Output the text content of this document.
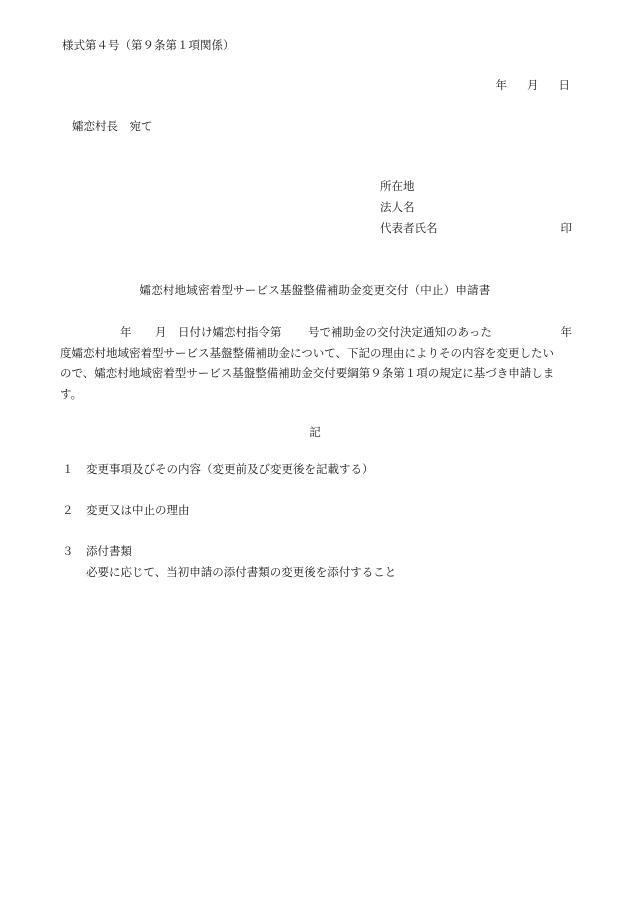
様式第４号（第９条第１項関係）
年 月 日
孀恋村長　宛て
所在地
法人名
代表者氏名	印
孀恋村地域密着型サービス基盤整備補助金変更交付（中止）申請書
年 月 日付け孀恋村指令第 号で補助金の交付決定通知のあった	年
度孀恋村地域密着型サービス基盤整備補助金について、下記の理由によりその内容を変更したい
ので、孀恋村地域密着型サービス基盤整備補助金交付要綱第９条第１項の規定に基づき申請しま
す。
記
１ 変更事項及びその内容（変更前及び変更後を記載する）
２ 変更又は中止の理由
３ 添付書類
必要に応じて、当初申請の添付書類の変更後を添付すること
